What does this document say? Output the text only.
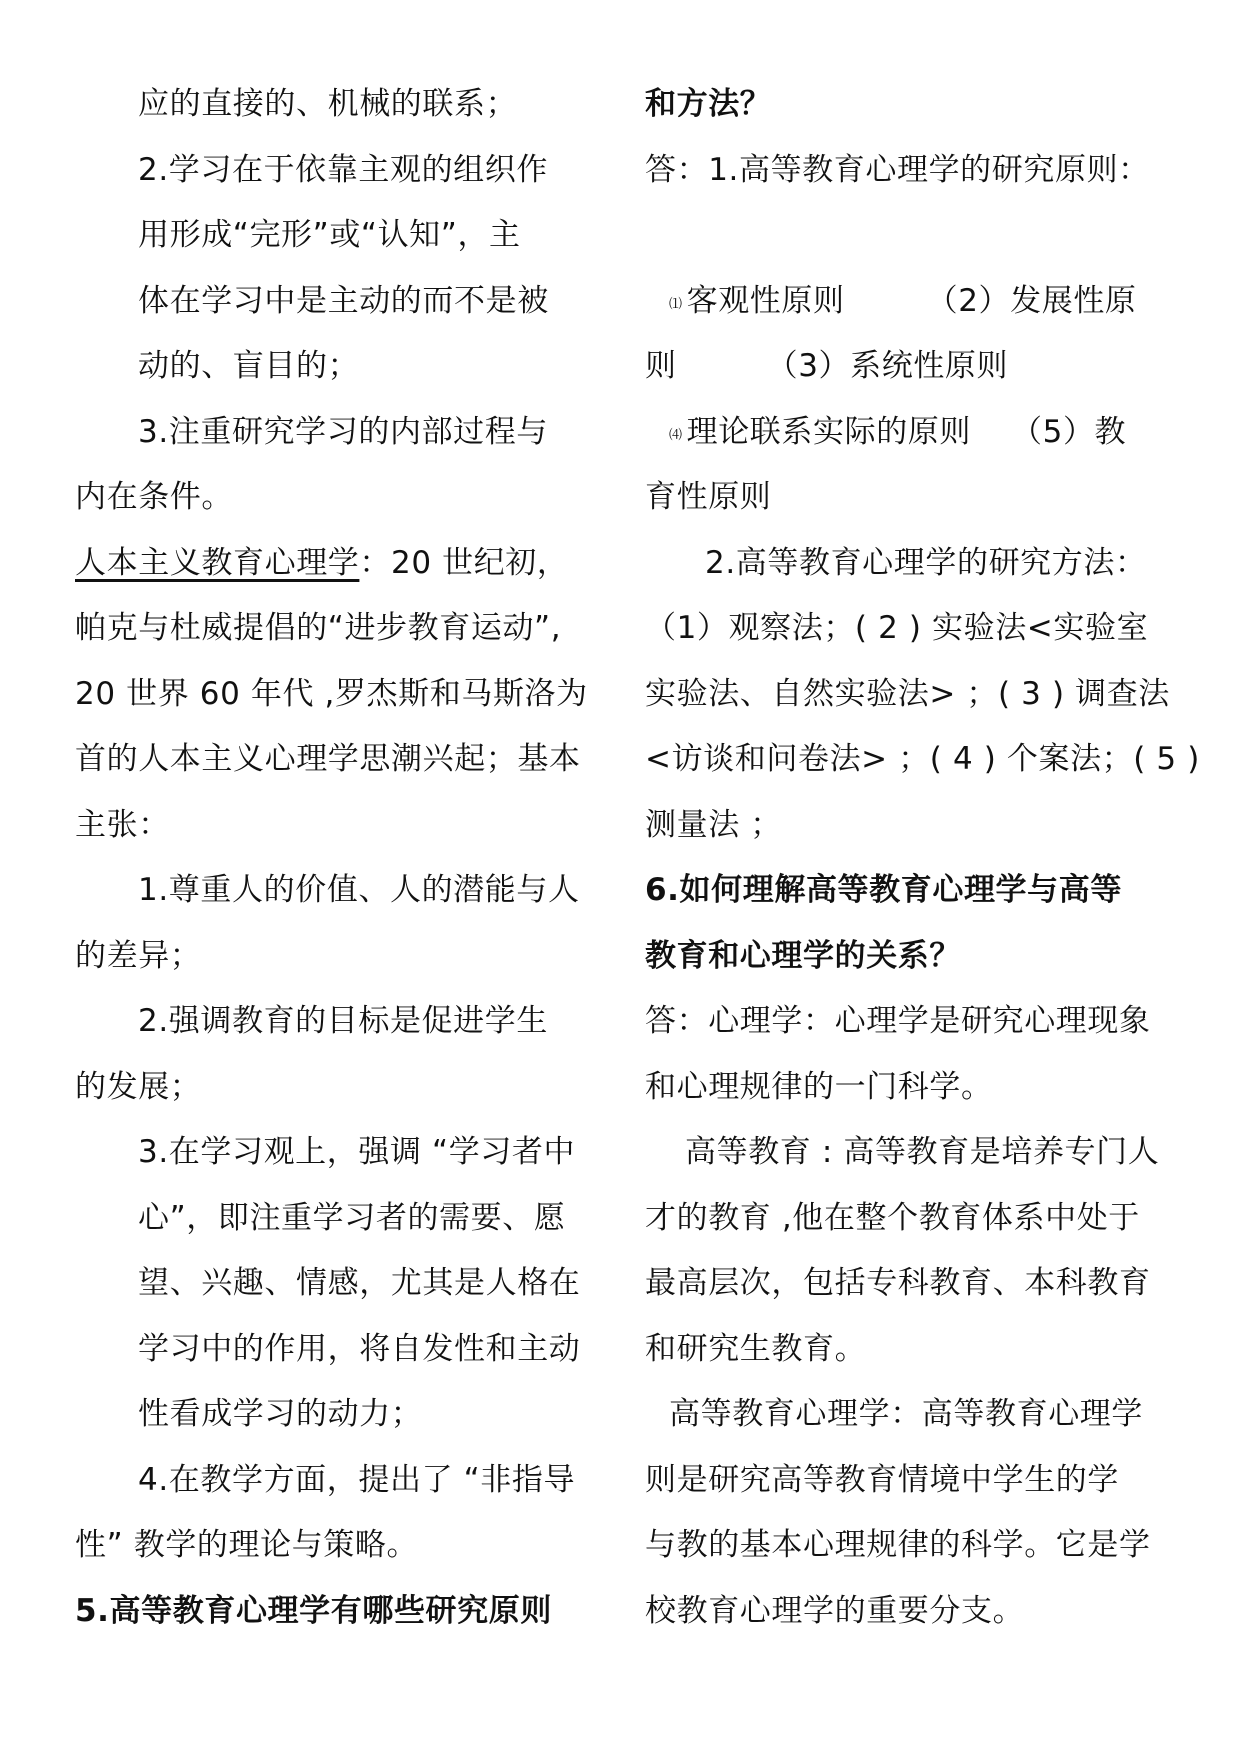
应的直接的、机械的联系；
2.学习在于依靠主观的组织作
用形成“完形”或“认知”，主
体在学习中是主动的而不是被
动的、盲目的；
3.注重研究学习的内部过程与
内在条件。
人本主义教育心理学：20 世纪初，
帕克与杜威提倡的“进步教育运动”,
20 世界 60 年代 ,罗杰斯和马斯洛为
首的人本主义心理学思潮兴起；基本
主张：
1.尊重人的价值、人的潜能与人
的差异；
2.强调教育的目标是促进学生
的发展；
3.在学习观上，强调 “学习者中
心”，即注重学习者的需要、愿
望、兴趣、情感，尤其是人格在
学习中的作用，将自发性和主动
性看成学习的动力；
4.在教学方面，提出了 “非指导
性” 教学的理论与策略。
5.高等教育心理学有哪些研究原则
和方法？
答：1.高等教育心理学的研究原则：
⑴ 客观性原则	（2）发展性原
则	（3）系统性原则
⑷ 理论联系实际的原则 （5）教
育性原则
2.高等教育心理学的研究方法：
（1）观察法；( 2 ) 实验法<实验室
实验法、自然实验法> ；( 3 ) 调查法
<访谈和问卷法> ；( 4 ) 个案法；( 5 )
测量法 ；
6.如何理解高等教育心理学与高等
教育和心理学的关系？
答：心理学：心理学是研究心理现象
和心理规律的一门科学。
高等教育 : 高等教育是培养专门人
才的教育 ,他在整个教育体系中处于
最高层次，包括专科教育、本科教育
和研究生教育。
高等教育心理学：高等教育心理学
则是研究高等教育情境中学生的学
与教的基本心理规律的科学。它是学
校教育心理学的重要分支。
